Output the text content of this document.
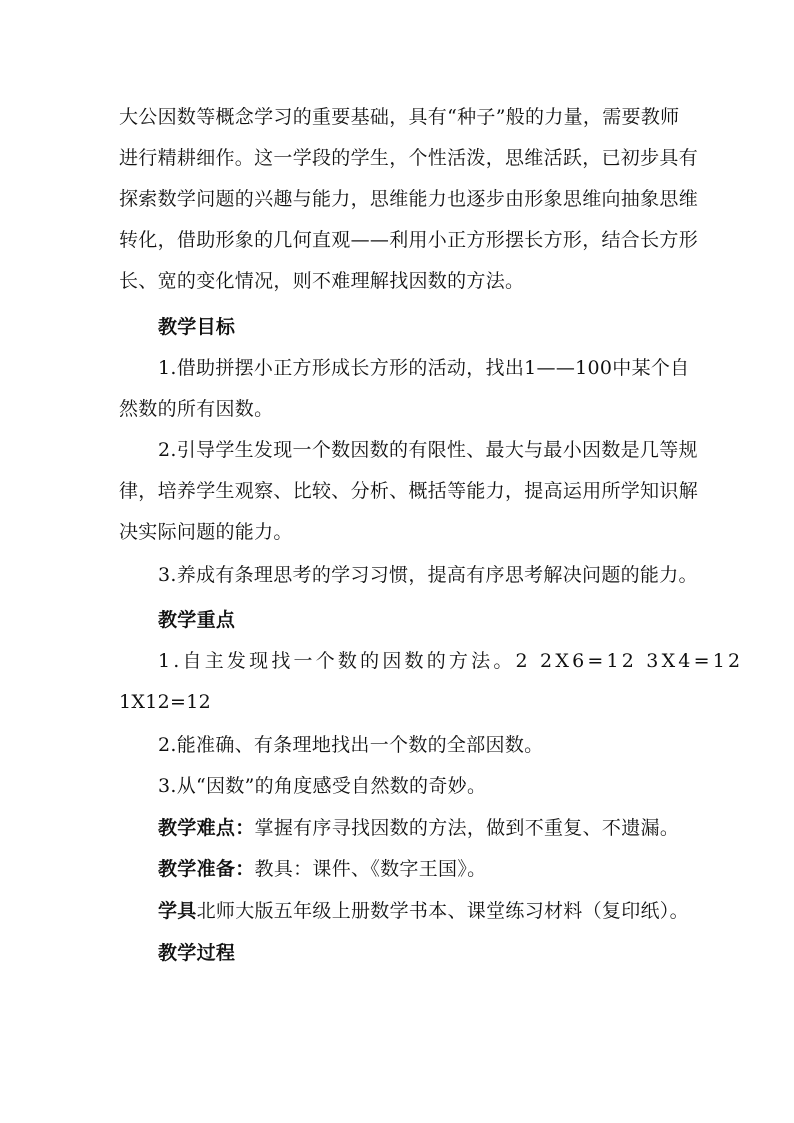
大公因数等概念学习的重要基础，具有“种子”般的力量，需要教师
进行精耕细作。这一学段的学生，个性活泼，思维活跃，已初步具有
探索数学问题的兴趣与能力，思维能力也逐步由形象思维向抽象思维
转化，借助形象的几何直观——利用小正方形摆长方形，结合长方形
长、宽的变化情况，则不难理解找因数的方法。
教学目标
1.借助拼摆小正方形成长方形的活动，找出1——100中某个自
然数的所有因数。
2.引导学生发现一个数因数的有限性、最大与最小因数是几等规
律，培养学生观察、比较、分析、概括等能力，提高运用所学知识解
决实际问题的能力。
3.养成有条理思考的学习习惯，提高有序思考解决问题的能力。
教学重点
1.自主发现找一个数的因数的方法。2 2X6=12 3X4=12
1X12=12
2.能准确、有条理地找出一个数的全部因数。
3.从“因数”的角度感受自然数的奇妙。
教学难点：掌握有序寻找因数的方法，做到不重复、不遗漏。
教学准备：教具：课件、《数字王国》。
学具北师大版五年级上册数学书本、课堂练习材料（复印纸）。
教学过程
